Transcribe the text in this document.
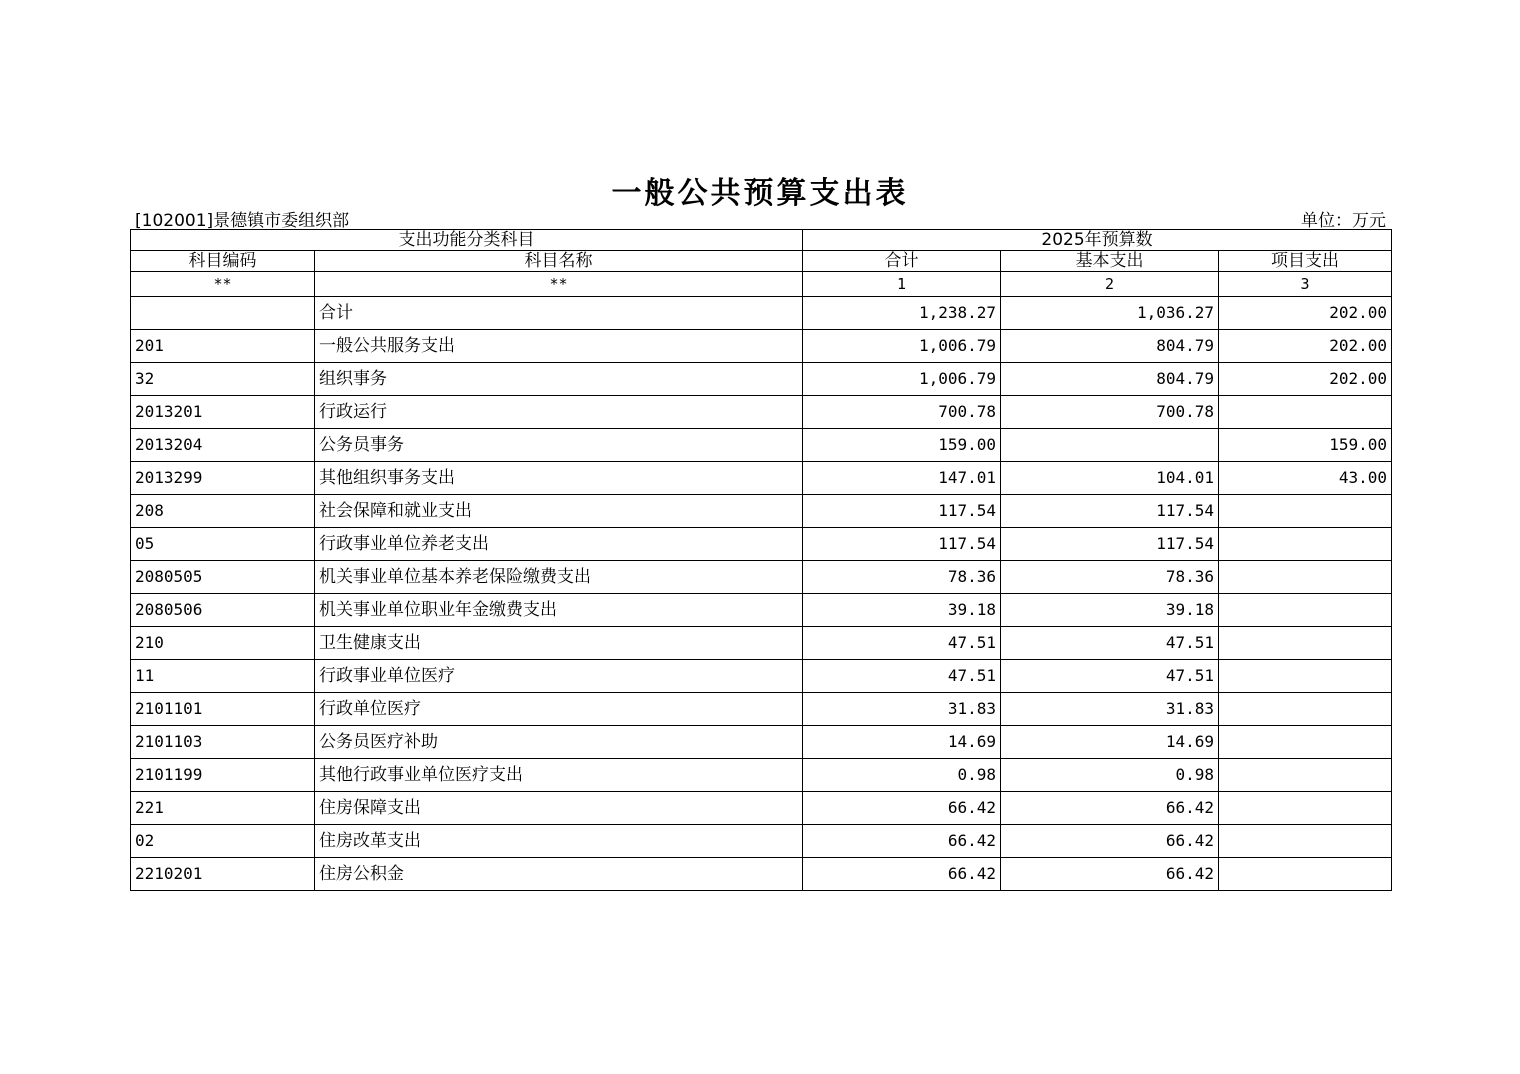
一般公共预算支出表
[102001]景德镇市委组织部	单位：万元
支出功能分类科目		2025年预算数		
科目编码	科目名称	合计	基本支出	项目支出
**	**	1	2	3
	合计	1,238.27	1,036.27	202.00
201	一般公共服务支出	1,006.79	804.79	202.00
32	组织事务	1,006.79	804.79	202.00
2013201	行政运行	700.78	700.78	
2013204	公务员事务	159.00		159.00
2013299	其他组织事务支出	147.01	104.01	43.00
208	社会保障和就业支出	117.54	117.54	
05	行政事业单位养老支出	117.54	117.54	
2080505	机关事业单位基本养老保险缴费支出	78.36	78.36	
2080506	机关事业单位职业年金缴费支出	39.18	39.18	
210	卫生健康支出	47.51	47.51	
11	行政事业单位医疗	47.51	47.51	
2101101	行政单位医疗	31.83	31.83	
2101103	公务员医疗补助	14.69	14.69	
2101199	其他行政事业单位医疗支出	0.98	0.98	
221	住房保障支出	66.42	66.42	
02	住房改革支出	66.42	66.42	
2210201	住房公积金	66.42	66.42	
